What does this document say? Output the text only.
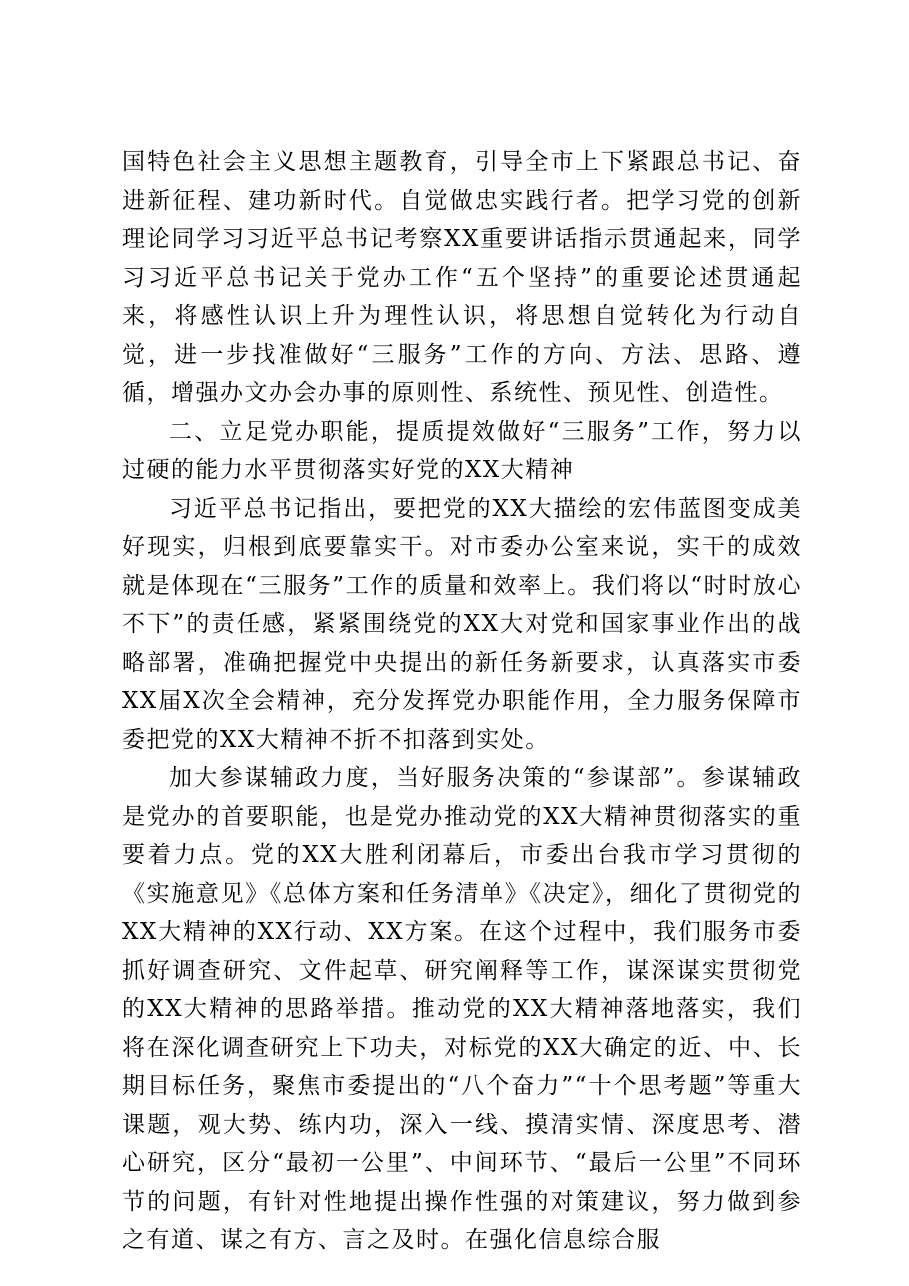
国特色社会主义思想主题教育，引导全市上下紧跟总书记、奋进新征程、建功新时代。自觉做忠实践行者。把学习党的创新理论同学习习近平总书记考察XX重要讲话指示贯通起来，同学习习近平总书记关于党办工作“五个坚持”的重要论述贯通起来，将感性认识上升为理性认识，将思想自觉转化为行动自觉，进一步找准做好“三服务”工作的方向、方法、思路、遵循，增强办文办会办事的原则性、系统性、预见性、创造性。

二、立足党办职能，提质提效做好“三服务”工作，努力以过硬的能力水平贯彻落实好党的XX大精神

习近平总书记指出，要把党的XX大描绘的宏伟蓝图变成美好现实，归根到底要靠实干。对市委办公室来说，实干的成效就是体现在“三服务”工作的质量和效率上。我们将以“时时放心不下”的责任感，紧紧围绕党的XX大对党和国家事业作出的战略部署，准确把握党中央提出的新任务新要求，认真落实市委XX届X次全会精神，充分发挥党办职能作用，全力服务保障市委把党的XX大精神不折不扣落到实处。

加大参谋辅政力度，当好服务决策的“参谋部”。参谋辅政是党办的首要职能，也是党办推动党的XX大精神贯彻落实的重要着力点。党的XX大胜利闭幕后，市委出台我市学习贯彻的《实施意见》《总体方案和任务清单》《决定》，细化了贯彻党的XX大精神的XX行动、XX方案。在这个过程中，我们服务市委抓好调查研究、文件起草、研究阐释等工作，谋深谋实贯彻党的XX大精神的思路举措。推动党的XX大精神落地落实，我们将在深化调查研究上下功夫，对标党的XX大确定的近、中、长期目标任务，聚焦市委提出的“八个奋力”“十个思考题”等重大课题，观大势、练内功，深入一线、摸清实情、深度思考、潜心研究，区分“最初一公里”、中间环节、“最后一公里”不同环节的问题，有针对性地提出操作性强的对策建议，努力做到参之有道、谋之有方、言之及时。在强化信息综合服
